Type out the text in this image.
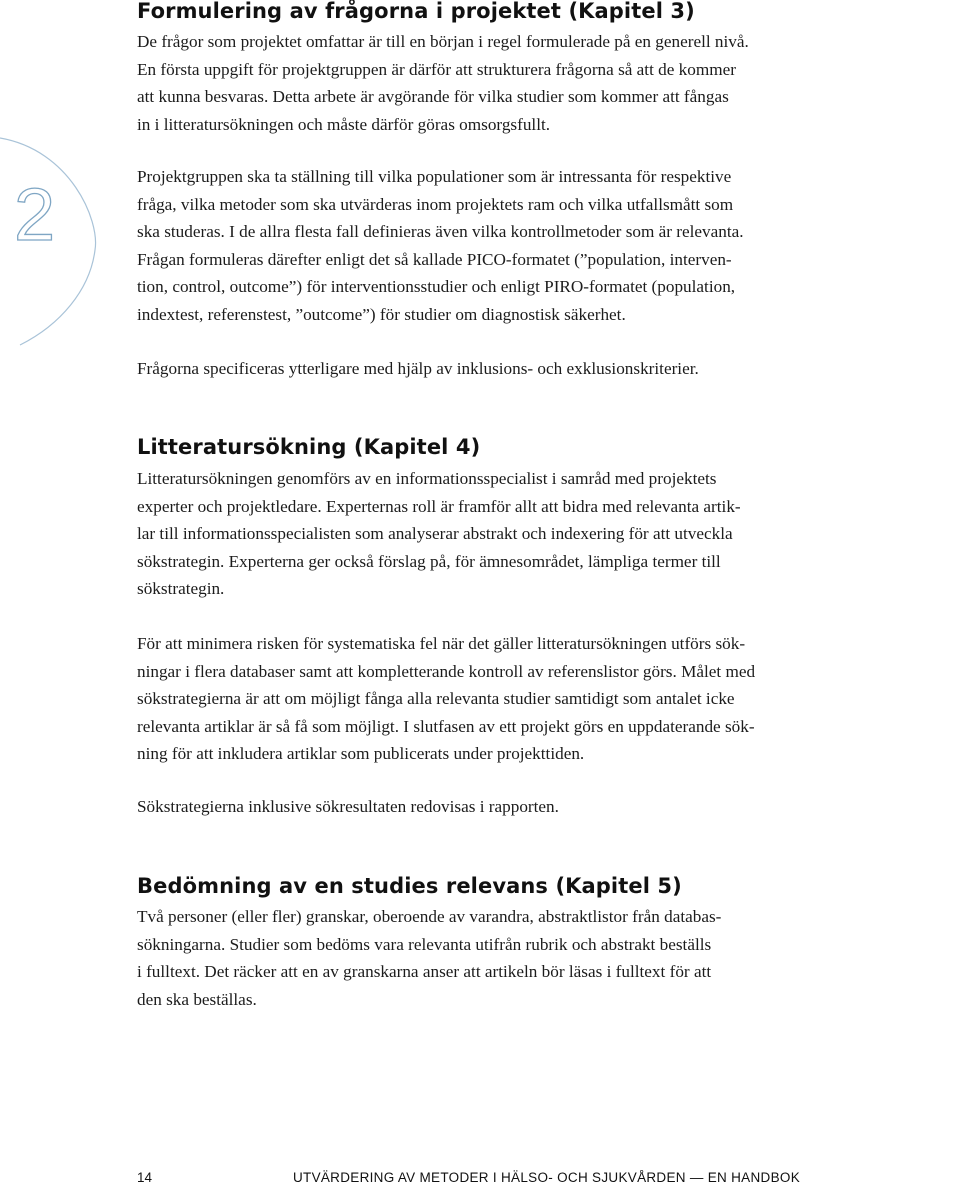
2
Formulering av frågorna i projektet (Kapitel 3)
De frågor som projektet omfattar är till en början i regel formulerade på en generell nivå.
En första uppgift för projektgruppen är därför att strukturera frågorna så att de kommer
att kunna besvaras. Detta arbete är avgörande för vilka studier som kommer att fångas
in i litteratursökningen och måste därför göras omsorgsfullt.
Projektgruppen ska ta ställning till vilka populationer som är intressanta för respektive
fråga, vilka metoder som ska utvärderas inom projektets ram och vilka utfallsmått som
ska studeras. I de allra flesta fall definieras även vilka kontrollmetoder som är relevanta.
Frågan formuleras därefter enligt det så kallade PICO-formatet (”population, interven-
tion, control, outcome”) för interventionsstudier och enligt PIRO-formatet (population,
indextest, referenstest, ”outcome”) för studier om diagnostisk säkerhet.
Frågorna specificeras ytterligare med hjälp av inklusions- och exklusionskriterier.
Litteratursökning (Kapitel 4)
Litteratursökningen genomförs av en informationsspecialist i samråd med projektets
experter och projektledare. Experternas roll är framför allt att bidra med relevanta artik-
lar till informationsspecialisten som analyserar abstrakt och indexering för att utveckla
sökstrategin. Experterna ger också förslag på, för ämnesområdet, lämpliga termer till
sökstrategin.
För att minimera risken för systematiska fel när det gäller litteratursökningen utförs sök-
ningar i flera databaser samt att kompletterande kontroll av referenslistor görs. Målet med
sökstrategierna är att om möjligt fånga alla relevanta studier samtidigt som antalet icke
relevanta artiklar är så få som möjligt. I slutfasen av ett projekt görs en uppdaterande sök-
ning för att inkludera artiklar som publicerats under projekttiden.
Sökstrategierna inklusive sökresultaten redovisas i rapporten.
Bedömning av en studies relevans (Kapitel 5)
Två personer (eller fler) granskar, oberoende av varandra, abstraktlistor från databas-
sökningarna. Studier som bedöms vara relevanta utifrån rubrik och abstrakt beställs
i fulltext. Det räcker att en av granskarna anser att artikeln bör läsas i fulltext för att
den ska beställas.
14	UTVÄRDERING AV METODER I HÄLSO- OCH SJUKVÅRDEN — EN HANDBOK
